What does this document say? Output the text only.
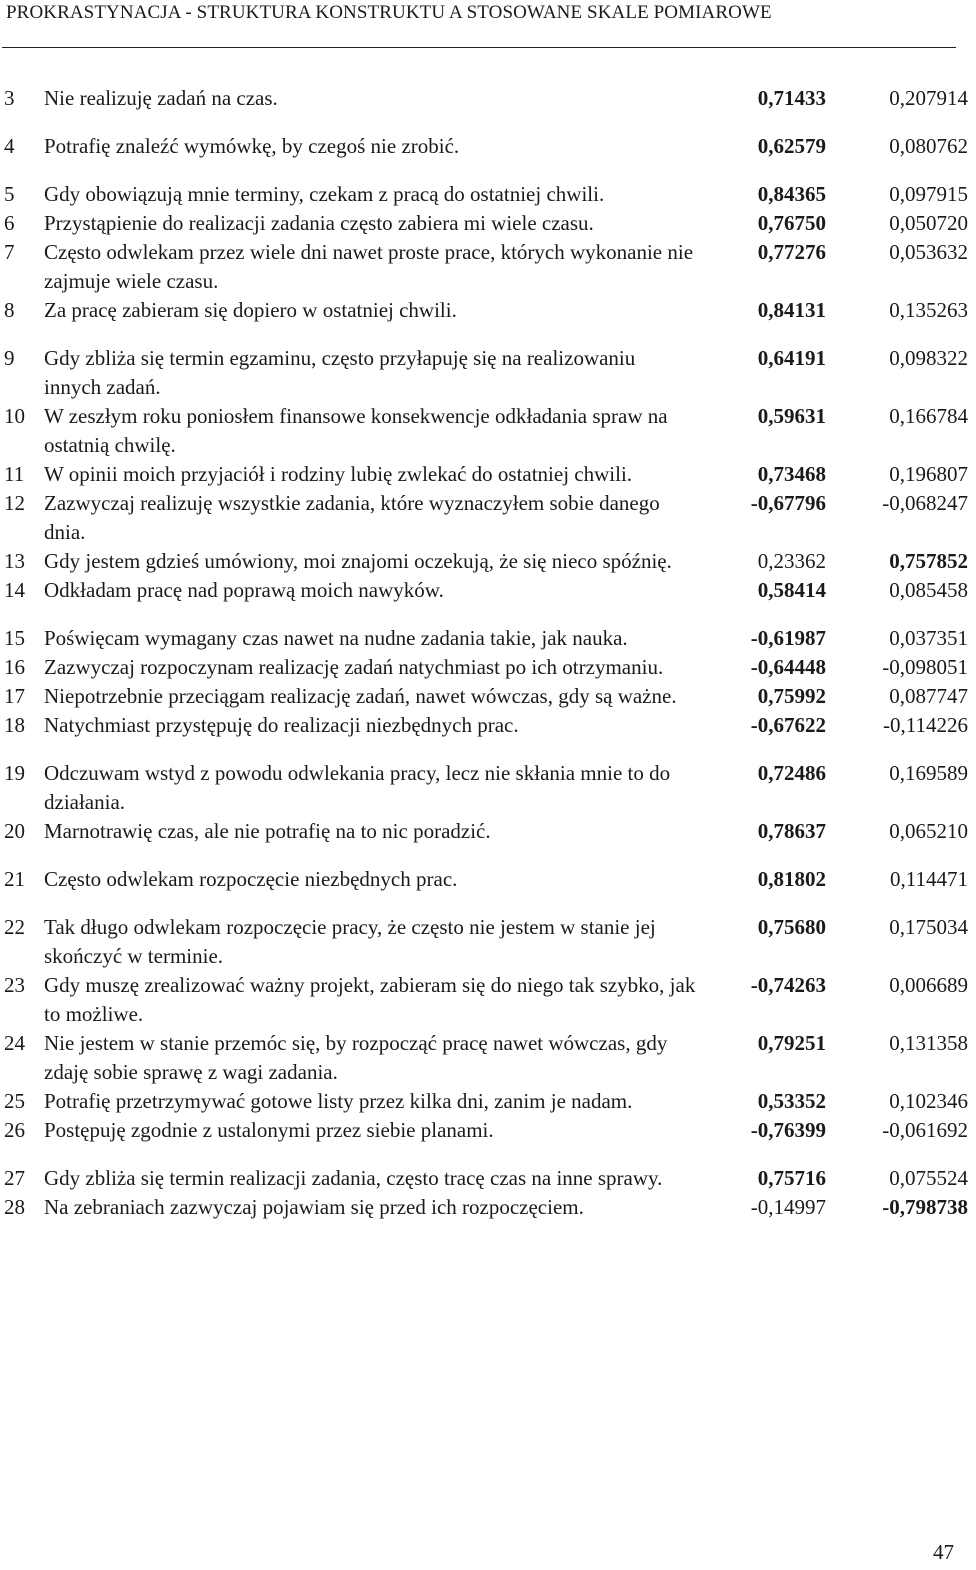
PROKRASTYNACJA - STRUKTURA KONSTRUKTU A STOSOWANE SKALE POMIAROWE
3	Nie realizuję zadań na czas.	0,71433	0,207914
4	Potrafię znaleźć wymówkę, by czegoś nie zrobić.	0,62579	0,080762
5	Gdy obowiązują mnie terminy, czekam z pracą do ostatniej chwili.	0,84365	0,097915
6	Przystąpienie do realizacji zadania często zabiera mi wiele czasu.	0,76750	0,050720
7	Często odwlekam przez wiele dni nawet proste prace, których wykonanie nie zajmuje wiele czasu.	0,77276	0,053632
8	Za pracę zabieram się dopiero w ostatniej chwili.	0,84131	0,135263
9	Gdy zbliża się termin egzaminu, często przyłapuję się na realizowaniu innych zadań.	0,64191	0,098322
10	W zeszłym roku poniosłem finansowe konsekwencje odkładania spraw na ostatnią chwilę.	0,59631	0,166784
11	W opinii moich przyjaciół i rodziny lubię zwlekać do ostatniej chwili.	0,73468	0,196807
12	Zazwyczaj realizuję wszystkie zadania, które wyznaczyłem sobie danego dnia.	-0,67796	-0,068247
13	Gdy jestem gdzieś umówiony, moi znajomi oczekują, że się nieco spóźnię.	0,23362	0,757852
14	Odkładam pracę nad poprawą moich nawyków.	0,58414	0,085458
15	Poświęcam wymagany czas nawet na nudne zadania takie, jak nauka.	-0,61987	0,037351
16	Zazwyczaj rozpoczynam realizację zadań natychmiast po ich otrzymaniu.	-0,64448	-0,098051
17	Niepotrzebnie przeciągam realizację zadań, nawet wówczas, gdy są ważne.	0,75992	0,087747
18	Natychmiast przystępuję do realizacji niezbędnych prac.	-0,67622	-0,114226
19	Odczuwam wstyd z powodu odwlekania pracy, lecz nie skłania mnie to do działania.	0,72486	0,169589
20	Marnotrawię czas, ale nie potrafię na to nic poradzić.	0,78637	0,065210
21	Często odwlekam rozpoczęcie niezbędnych prac.	0,81802	0,114471
22	Tak długo odwlekam rozpoczęcie pracy, że często nie jestem w stanie jej skończyć w terminie.	0,75680	0,175034
23	Gdy muszę zrealizować ważny projekt, zabieram się do niego tak szybko, jak to możliwe.	-0,74263	0,006689
24	Nie jestem w stanie przemóc się, by rozpocząć pracę nawet wówczas, gdy zdaję sobie sprawę z wagi zadania.	0,79251	0,131358
25	Potrafię przetrzymywać gotowe listy przez kilka dni, zanim je nadam.	0,53352	0,102346
26	Postępuję zgodnie z ustalonymi przez siebie planami.	-0,76399	-0,061692
27	Gdy zbliża się termin realizacji zadania, często tracę czas na inne sprawy.	0,75716	0,075524
28	Na zebraniach zazwyczaj pojawiam się przed ich rozpoczęciem.	-0,14997	-0,798738
47
